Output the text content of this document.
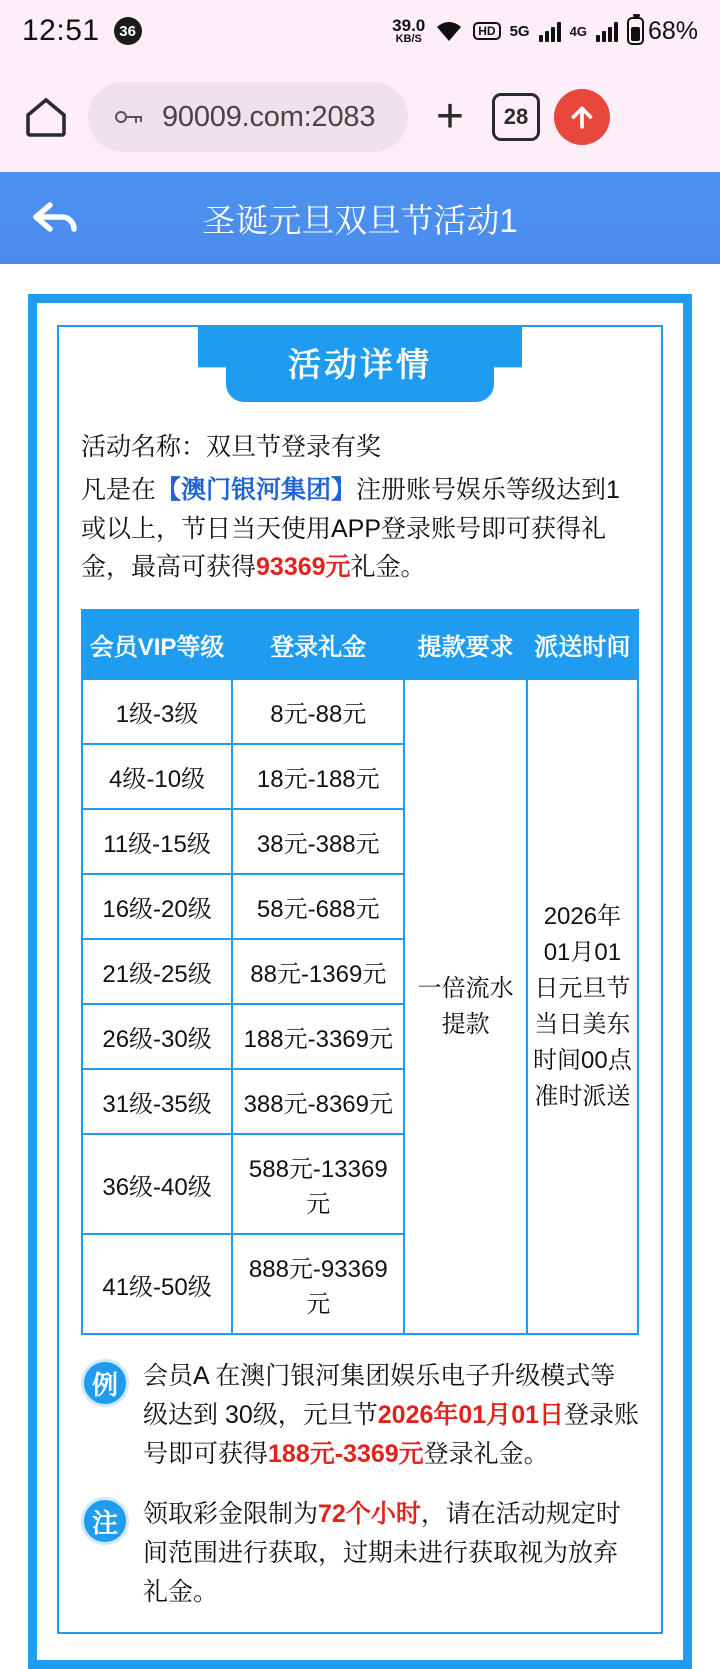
12:51	36	39.0
KB/S
HD 5G	4G 68%
90009.com:2083 +	28
圣诞元旦双旦节活动1
活动详情

活动名称：双旦节登录有奖

凡是在【澳门银河集团】注册账号娱乐等级达到1或以上，节日当天使用APP登录账号即可获得礼金，最高可获得93369元礼金。

会员VIP等级	登录礼金	提款要求	派送时间
1级-3级	8元-88元	一倍流水提款	2026年01月01日元旦节当日美东时间00点准时派送
4级-10级	18元-188元		
11级-15级	38元-388元		
16级-20级	58元-688元		
21级-25级	88元-1369元		
26级-30级	188元-3369元		
31级-35级	388元-8369元		
36级-40级	588元-13369元		
41级-50级	888元-93369元		
例	会员A 在澳门银河集团娱乐电子升级模式等级达到 30级，元旦节2026年01月01日登录账号即可获得188元-3369元登录礼金。
注	领取彩金限制为72个小时，请在活动规定时间范围进行获取，过期未进行获取视为放弃礼金。
